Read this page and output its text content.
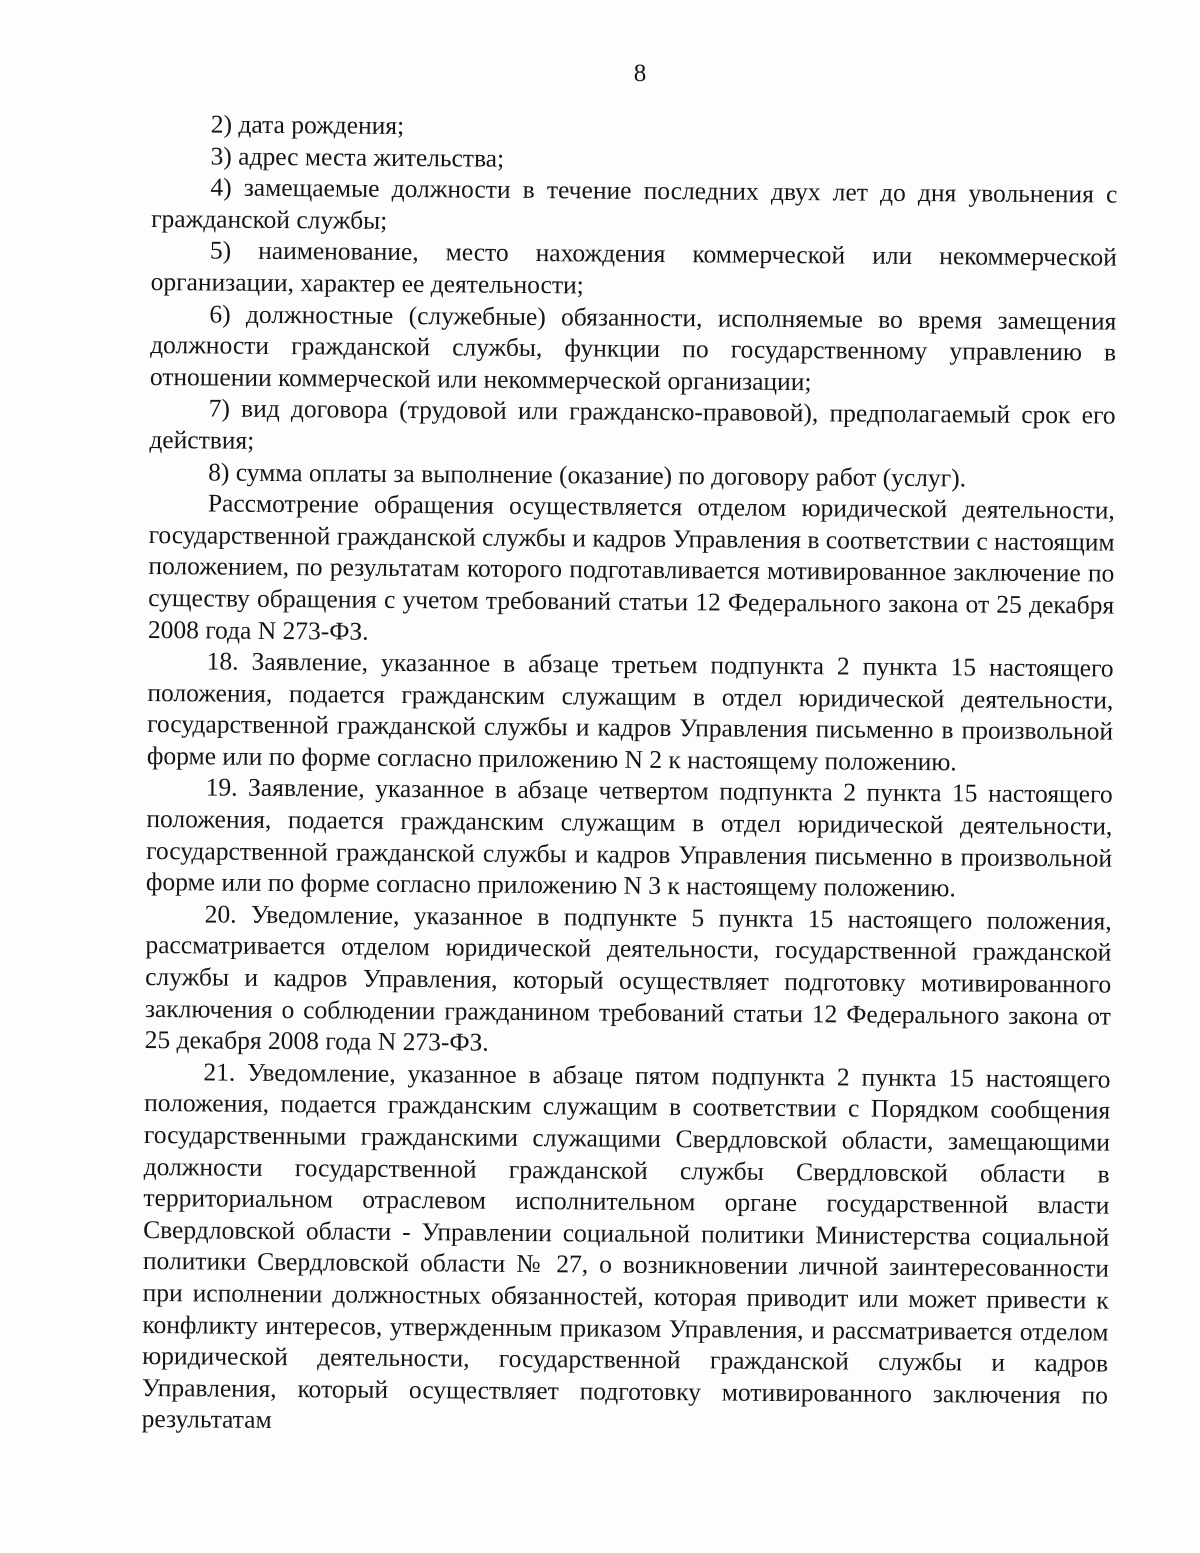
8

2) дата рождения;

3) адрес места жительства;

4) замещаемые должности в течение последних двух лет до дня увольнения с гражданской службы;

5) наименование, место нахождения коммерческой или некоммерческой организации, характер ее деятельности;

6) должностные (служебные) обязанности, исполняемые во время замещения должности гражданской службы, функции по государственному управлению в отношении коммерческой или некоммерческой организации;

7) вид договора (трудовой или гражданско-правовой), предполагаемый срок его действия;

8) сумма оплаты за выполнение (оказание) по договору работ (услуг).

Рассмотрение обращения осуществляется отделом юридической деятельности, государственной гражданской службы и кадров Управления в соответствии с настоящим положением, по результатам которого подготавливается мотивированное заключение по существу обращения с учетом требований статьи 12 Федерального закона от 25 декабря 2008 года N 273-ФЗ.

18. Заявление, указанное в абзаце третьем подпункта 2 пункта 15 настоящего положения, подается гражданским служащим в отдел юридической деятельности, государственной гражданской службы и кадров Управления письменно в произвольной форме или по форме согласно приложению N 2 к настоящему положению.

19. Заявление, указанное в абзаце четвертом подпункта 2 пункта 15 настоящего положения, подается гражданским служащим в отдел юридической деятельности, государственной гражданской службы и кадров Управления письменно в произвольной форме или по форме согласно приложению N 3 к настоящему положению.

20. Уведомление, указанное в подпункте 5 пункта 15 настоящего положения, рассматривается отделом юридической деятельности, государственной гражданской службы и кадров Управления, который осуществляет подготовку мотивированного заключения о соблюдении гражданином требований статьи 12 Федерального закона от 25 декабря 2008 года N 273-ФЗ.

21. Уведомление, указанное в абзаце пятом подпункта 2 пункта 15 настоящего положения, подается гражданским служащим в соответствии с Порядком сообщения государственными гражданскими служащими Свердловской области, замещающими должности государственной гражданской службы Свердловской области в территориальном отраслевом исполнительном органе государственной власти Свердловской области - Управлении социальной политики Министерства социальной политики Свердловской области № 27, о возникновении личной заинтересованности при исполнении должностных обязанностей, которая приводит или может привести к конфликту интересов, утвержденным приказом Управления, и рассматривается отделом юридической деятельности, государственной гражданской службы и кадров Управления, который осуществляет подготовку мотивированного заключения по результатам
